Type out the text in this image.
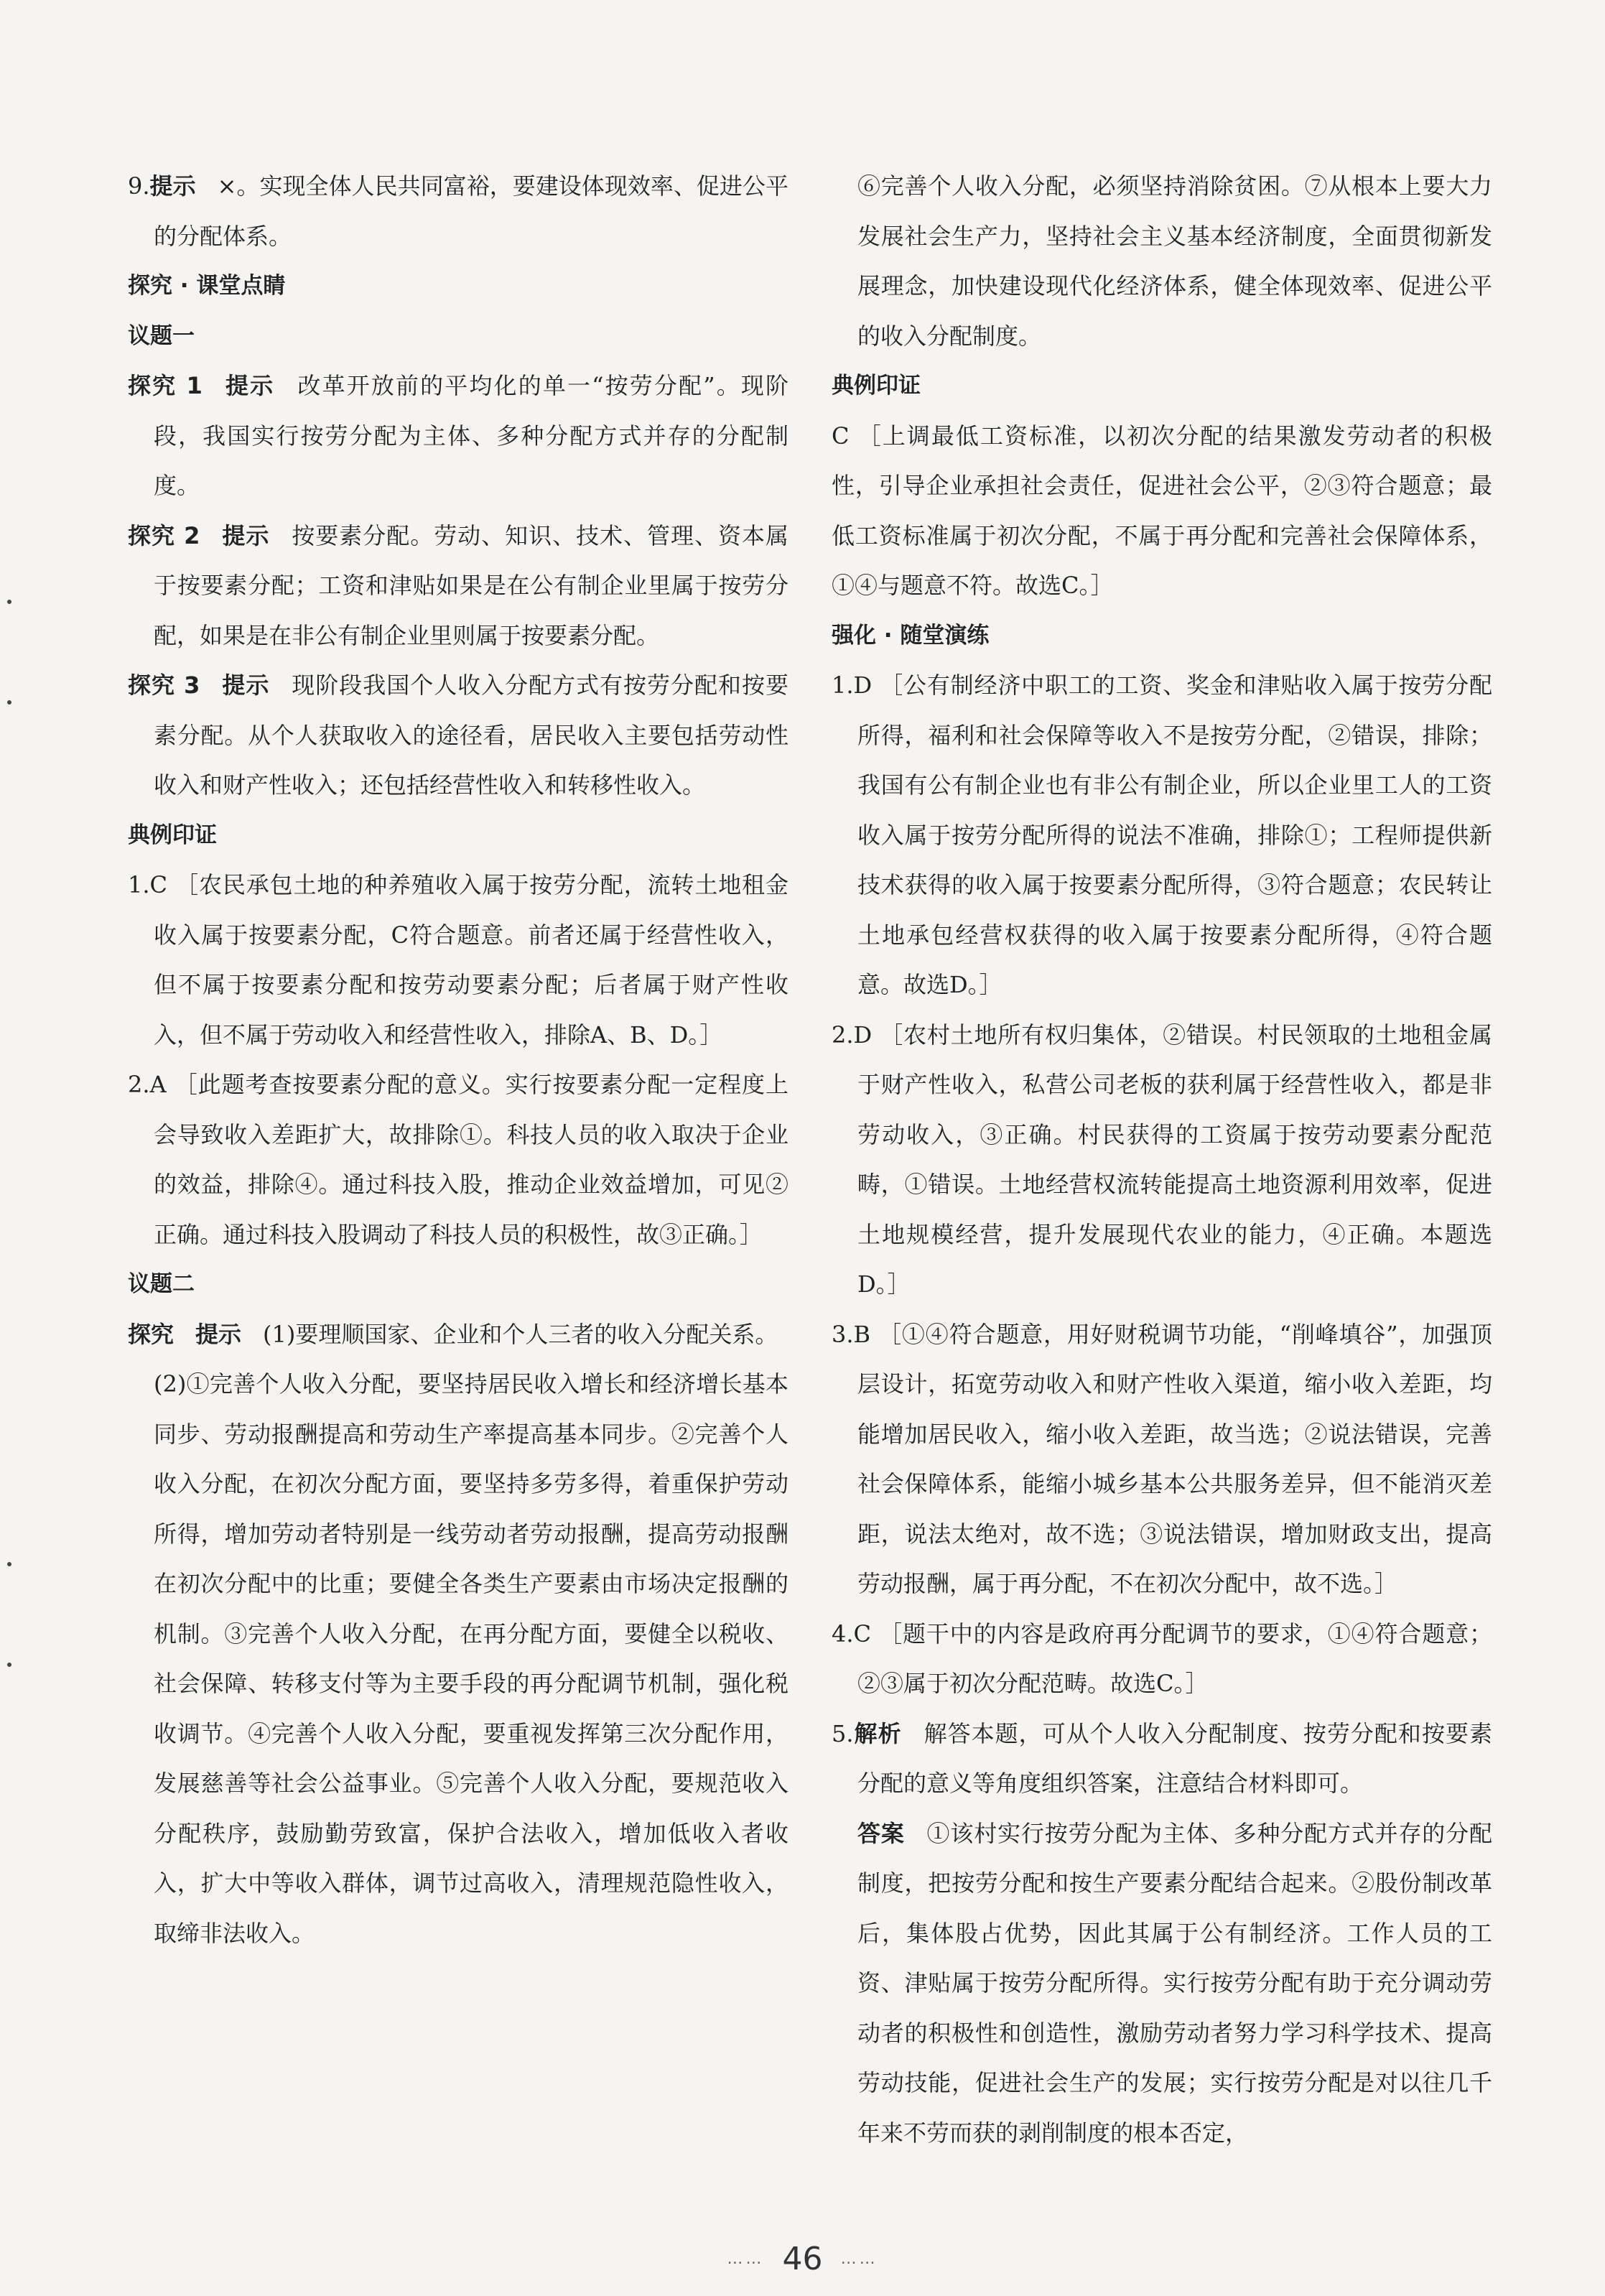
9.提示 ×。实现全体人民共同富裕，要建设体现效率、促进公平的分配体系。

探究 · 课堂点睛

议题一

探究 1 提示 改革开放前的平均化的单一“按劳分配”。现阶段，我国实行按劳分配为主体、多种分配方式并存的分配制度。

探究 2 提示 按要素分配。劳动、知识、技术、管理、资本属于按要素分配；工资和津贴如果是在公有制企业里属于按劳分配，如果是在非公有制企业里则属于按要素分配。

探究 3 提示 现阶段我国个人收入分配方式有按劳分配和按要素分配。从个人获取收入的途径看，居民收入主要包括劳动性收入和财产性收入；还包括经营性收入和转移性收入。

典例印证

1.C ［农民承包土地的种养殖收入属于按劳分配，流转土地租金收入属于按要素分配，C符合题意。前者还属于经营性收入，但不属于按要素分配和按劳动要素分配；后者属于财产性收入，但不属于劳动收入和经营性收入，排除A、B、D。］

2.A ［此题考查按要素分配的意义。实行按要素分配一定程度上会导致收入差距扩大，故排除①。科技人员的收入取决于企业的效益，排除④。通过科技入股，推动企业效益增加，可见②正确。通过科技入股调动了科技人员的积极性，故③正确。］

议题二

探究 提示 (1)要理顺国家、企业和个人三者的收入分配关系。

(2)①完善个人收入分配，要坚持居民收入增长和经济增长基本同步、劳动报酬提高和劳动生产率提高基本同步。②完善个人收入分配，在初次分配方面，要坚持多劳多得，着重保护劳动所得，增加劳动者特别是一线劳动者劳动报酬，提高劳动报酬在初次分配中的比重；要健全各类生产要素由市场决定报酬的机制。③完善个人收入分配，在再分配方面，要健全以税收、社会保障、转移支付等为主要手段的再分配调节机制，强化税收调节。④完善个人收入分配，要重视发挥第三次分配作用，发展慈善等社会公益事业。⑤完善个人收入分配，要规范收入分配秩序，鼓励勤劳致富，保护合法收入，增加低收入者收入，扩大中等收入群体，调节过高收入，清理规范隐性收入，取缔非法收入。

⑥完善个人收入分配，必须坚持消除贫困。⑦从根本上要大力发展社会生产力，坚持社会主义基本经济制度，全面贯彻新发展理念，加快建设现代化经济体系，健全体现效率、促进公平的收入分配制度。

典例印证

C ［上调最低工资标准，以初次分配的结果激发劳动者的积极性，引导企业承担社会责任，促进社会公平，②③符合题意；最低工资标准属于初次分配，不属于再分配和完善社会保障体系，①④与题意不符。故选C。］

强化 · 随堂演练

1.D ［公有制经济中职工的工资、奖金和津贴收入属于按劳分配所得，福利和社会保障等收入不是按劳分配，②错误，排除；我国有公有制企业也有非公有制企业，所以企业里工人的工资收入属于按劳分配所得的说法不准确，排除①；工程师提供新技术获得的收入属于按要素分配所得，③符合题意；农民转让土地承包经营权获得的收入属于按要素分配所得，④符合题意。故选D。］

2.D ［农村土地所有权归集体，②错误。村民领取的土地租金属于财产性收入，私营公司老板的获利属于经营性收入，都是非劳动收入，③正确。村民获得的工资属于按劳动要素分配范畴，①错误。土地经营权流转能提高土地资源利用效率，促进土地规模经营，提升发展现代农业的能力，④正确。本题选D。］

3.B ［①④符合题意，用好财税调节功能，“削峰填谷”，加强顶层设计，拓宽劳动收入和财产性收入渠道，缩小收入差距，均能增加居民收入，缩小收入差距，故当选；②说法错误，完善社会保障体系，能缩小城乡基本公共服务差异，但不能消灭差距，说法太绝对，故不选；③说法错误，增加财政支出，提高劳动报酬，属于再分配，不在初次分配中，故不选。］

4.C ［题干中的内容是政府再分配调节的要求，①④符合题意；②③属于初次分配范畴。故选C。］

5.解析 解答本题，可从个人收入分配制度、按劳分配和按要素分配的意义等角度组织答案，注意结合材料即可。

答案 ①该村实行按劳分配为主体、多种分配方式并存的分配制度，把按劳分配和按生产要素分配结合起来。②股份制改革后，集体股占优势，因此其属于公有制经济。工作人员的工资、津贴属于按劳分配所得。实行按劳分配有助于充分调动劳动者的积极性和创造性，激励劳动者努力学习科学技术、提高劳动技能，促进社会生产的发展；实行按劳分配是对以往几千年来不劳而获的剥削制度的根本否定，

…… 46 ……
